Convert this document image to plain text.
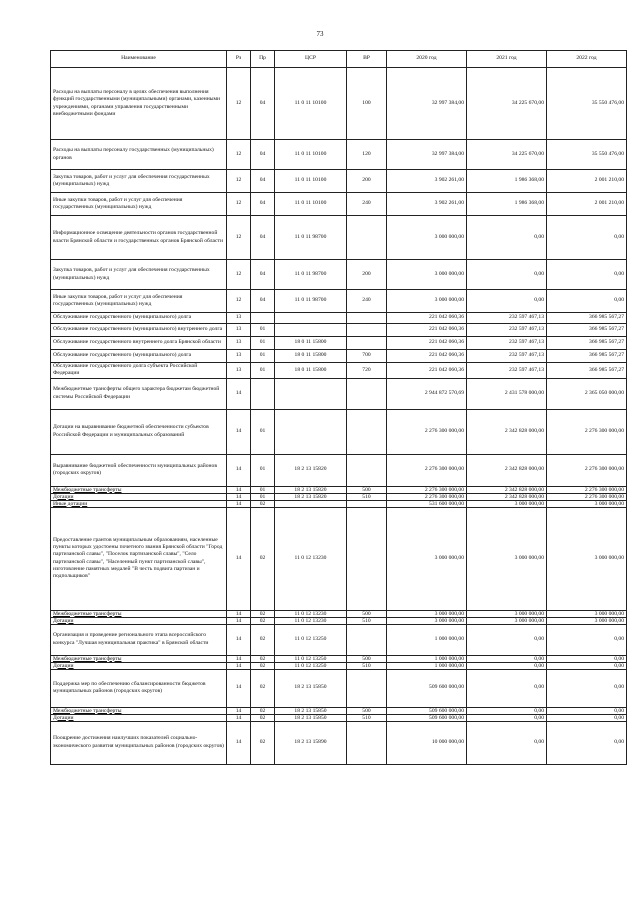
73
Наименование	Рз	Пр	ЦСР	ВР	2020 год	2021 год	2022 год
Расходы на выплаты персоналу в целях обеспечения выполнения функций государственными (муниципальными) органами, казенными учреждениями, органами управления государственными внебюджетными фондами	12	04	11 0 11 10100	100	32 997 384,00	34 225 670,00	35 550 476,00
Расходы на выплаты персоналу государственных (муниципальных) органов	12	04	11 0 11 10100	120	32 997 384,00	34 225 670,00	35 550 476,00
Закупка товаров, работ и услуг для обеспечения государственных (муниципальных) нужд	12	04	11 0 11 10100	200	3 902 261,00	1 986 368,00	2 001 210,00
Иные закупки товаров, работ и услуг для обеспечения государственных (муниципальных) нужд	12	04	11 0 11 10100	240	3 902 261,00	1 986 368,00	2 001 210,00
Информационное освещение деятельности органов государственной власти Брянской области и государственных органов Брянской области	12	04	11 0 11 98700		3 000 000,00	0,00	0,00
Закупка товаров, работ и услуг для обеспечения государственных (муниципальных) нужд	12	04	11 0 11 98700	200	3 000 000,00	0,00	0,00
Иные закупки товаров, работ и услуг для обеспечения государственных (муниципальных) нужд	12	04	11 0 11 98700	240	3 000 000,00	0,00	0,00
Обслуживание государственного (муниципального) долга	13				221 042 060,36	232 597 467,13	366 985 567,27
Обслуживание государственного (муниципального) внутреннего долга	13	01			221 042 060,36	232 597 467,13	366 985 567,27
Обслуживание государственного внутреннего долга Брянской области	13	01	18 0 11 15800		221 042 060,36	232 597 467,13	366 985 567,27
Обслуживание государственного (муниципального) долга	13	01	18 0 11 15800	700	221 042 060,36	232 597 467,13	366 985 567,27
Обслуживание государственного долга субъекта Российской Федерации	13	01	18 0 11 15800	720	221 042 060,36	232 597 467,13	366 985 567,27
Межбюджетные трансферты общего характера бюджетам бюджетной системы Российской Федерации	14				2 944 872 570,69	2 431 578 000,00	2 365 050 000,00
Дотации на выравнивание бюджетной обеспеченности субъектов Российской Федерации и муниципальных образований	14	01			2 276 300 000,00	2 342 828 000,00	2 276 300 000,00
Выравнивание бюджетной обеспеченности муниципальных районов (городских округов)	14	01	18 2 13 15820		2 276 300 000,00	2 342 828 000,00	2 276 300 000,00
Межбюджетные трансферты	14	01	18 2 13 15820	500	2 276 300 000,00	2 342 828 000,00	2 276 300 000,00
Дотации	14	01	18 2 13 15820	510	2 276 300 000,00	2 342 828 000,00	2 276 300 000,00
Иные дотации	14	02			531 600 000,00	3 000 000,00	3 000 000,00
Предоставление грантов муниципальным образованиям, населенные пункты которых удостоены почетного звания Брянской области "Город партизанской славы", "Поселок партизанской славы", "Село партизанской славы", "Населенный пункт партизанской славы", изготовление памятных медалей "В честь подвига партизан и подпольщиков"	14	02	11 0 12 13230		3 000 000,00	3 000 000,00	3 000 000,00
Межбюджетные трансферты	14	02	11 0 12 13230	500	3 000 000,00	3 000 000,00	3 000 000,00
Дотации	14	02	11 0 12 13230	510	3 000 000,00	3 000 000,00	3 000 000,00
Организация и проведение регионального этапа всероссийского конкурса "Лучшая муниципальная практика" в Брянской области	14	02	11 0 12 13250		1 000 000,00	0,00	0,00
Межбюджетные трансферты	14	02	11 0 12 13250	500	1 000 000,00	0,00	0,00
Дотации	14	02	11 0 12 13250	510	1 000 000,00	0,00	0,00
Поддержка мер по обеспечению сбалансированности бюджетов муниципальных районов (городских округов)	14	02	18 2 13 15850		509 600 000,00	0,00	0,00
Межбюджетные трансферты	14	02	18 2 13 15850	500	509 600 000,00	0,00	0,00
Дотации	14	02	18 2 13 15850	510	509 600 000,00	0,00	0,00
Поощрение достижения наилучших показателей социально-экономического развития муниципальных районов (городских округов)	14	02	18 2 13 15890		10 000 000,00	0,00	0,00
